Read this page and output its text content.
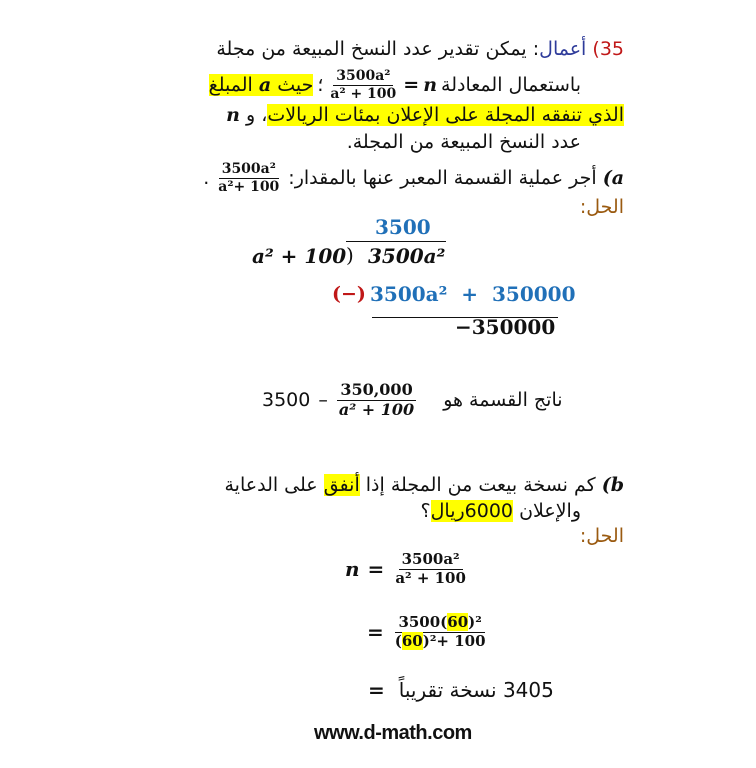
35) أعمال: يمكن تقدير عدد النسخ المبيعة من مجلة
باستعمال المعادلة
n
=
$\frac{\text{3500a²}}{\text{a² + 100}}$
؛
حيث a المبلغ
الذي تنفقه المجلة على الإعلان بمئات الريالات، و n
عدد النسخ المبيعة من المجلة.
a)
أجر عملية القسمة المعبر عنها بالمقدار:
$\frac{\text{3500a²}}{\text{a²+ 100}}$
.
الحل:
3500
a² + 100 ) 3500a²
(−) 3500a²  +  350000
−350000
$3500 - \frac{350,000}{\text{a² + 100}}$ ناتج القسمة هو
b) كم نسخة بيعت من المجلة إذا أنفق على الدعاية
والإعلان 6000ريال؟
الحل:
$n = \frac{\text{3500a²}}{\text{a² + 100}}$
= $\frac{\text{3500(60)²}}{\text{(60)²+ 100}}$
=	3405 نسخة تقريباً
www.d-math.com
